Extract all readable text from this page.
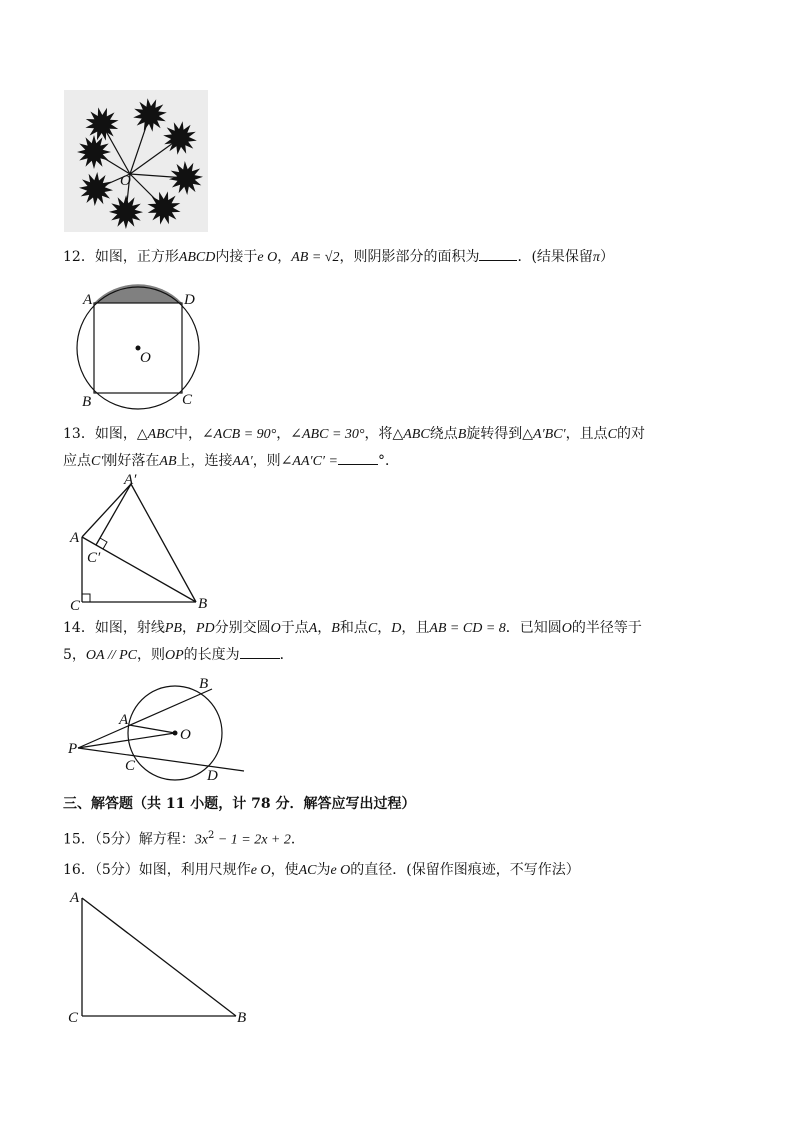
O
12．如图，正方形ABCD内接于e O，AB = √2，则阴影部分的面积为	．(结果保留π）
A	D
B	C
O
13．如图，△ABC中，∠ACB = 90°，∠ABC = 30°，将△ABC绕点B旋转得到△A′BC′，且点C的对
应点C′刚好落在AB上，连接AA′，则∠AA′C′ =	°．
A′
A
C′
C	B
14．如图，射线PB，PD分别交圆O于点A，B和点C，D，且AB = CD = 8．已知圆O的半径等于
5，OA // PC，则OP的长度为	．
A
B
C
D
O
P
三、解答题（共 11 小题，计 78 分．解答应写出过程）
15．（5分）解方程：$3x^2 - 1 = 2x + 2$．
16．（5分）如图，利用尺规作e O，使AC为e O的直径．(保留作图痕迹，不写作法）
A
C	B
